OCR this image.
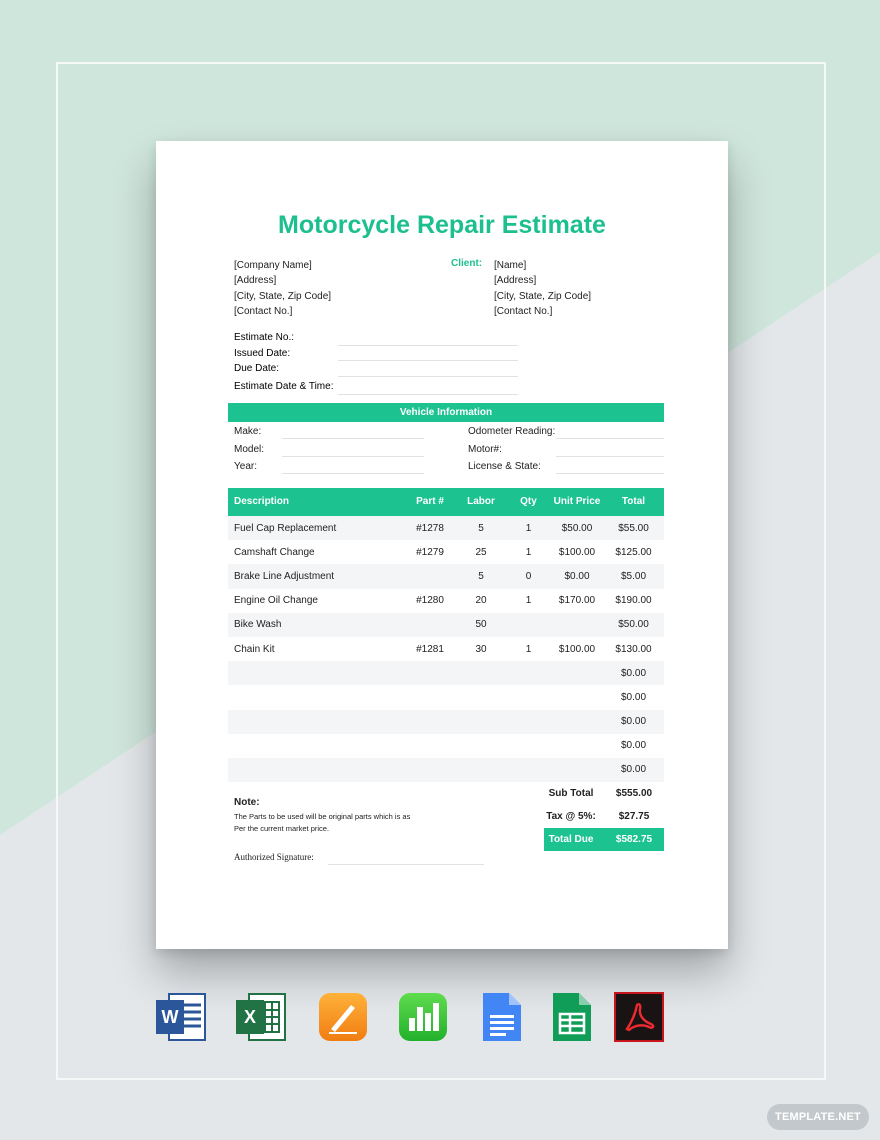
Motorcycle Repair Estimate
[Company Name]
[Address]
[City, State, Zip Code]
[Contact No.]
Client: [Name]
[Address]
[City, State, Zip Code]
[Contact No.]
Estimate No.:
Issued Date:
Due Date:
Estimate Date & Time:
Vehicle Information
Make:
Model:
Year:
Odometer Reading:
Motor#:
License & State:
Description	Part #	Labor	Qty	Unit Price	Total
Fuel Cap Replacement	#1278	5	1	$50.00	$55.00
Camshaft Change	#1279	25	1	$100.00	$125.00
Brake Line Adjustment		5	0	$0.00	$5.00
Engine Oil Change	#1280	20	1	$170.00	$190.00
Bike Wash		50			$50.00
Chain Kit	#1281	30	1	$100.00	$130.00
					$0.00
					$0.00
					$0.00
					$0.00
					$0.00
Note:
The Parts to be used will be original parts which is as
Per the current market price.
Sub Total	$555.00
Tax @ 5%:	$27.75
Total Due	$582.75
Authorized Signature:
W	X
TEMPLATE.NET
